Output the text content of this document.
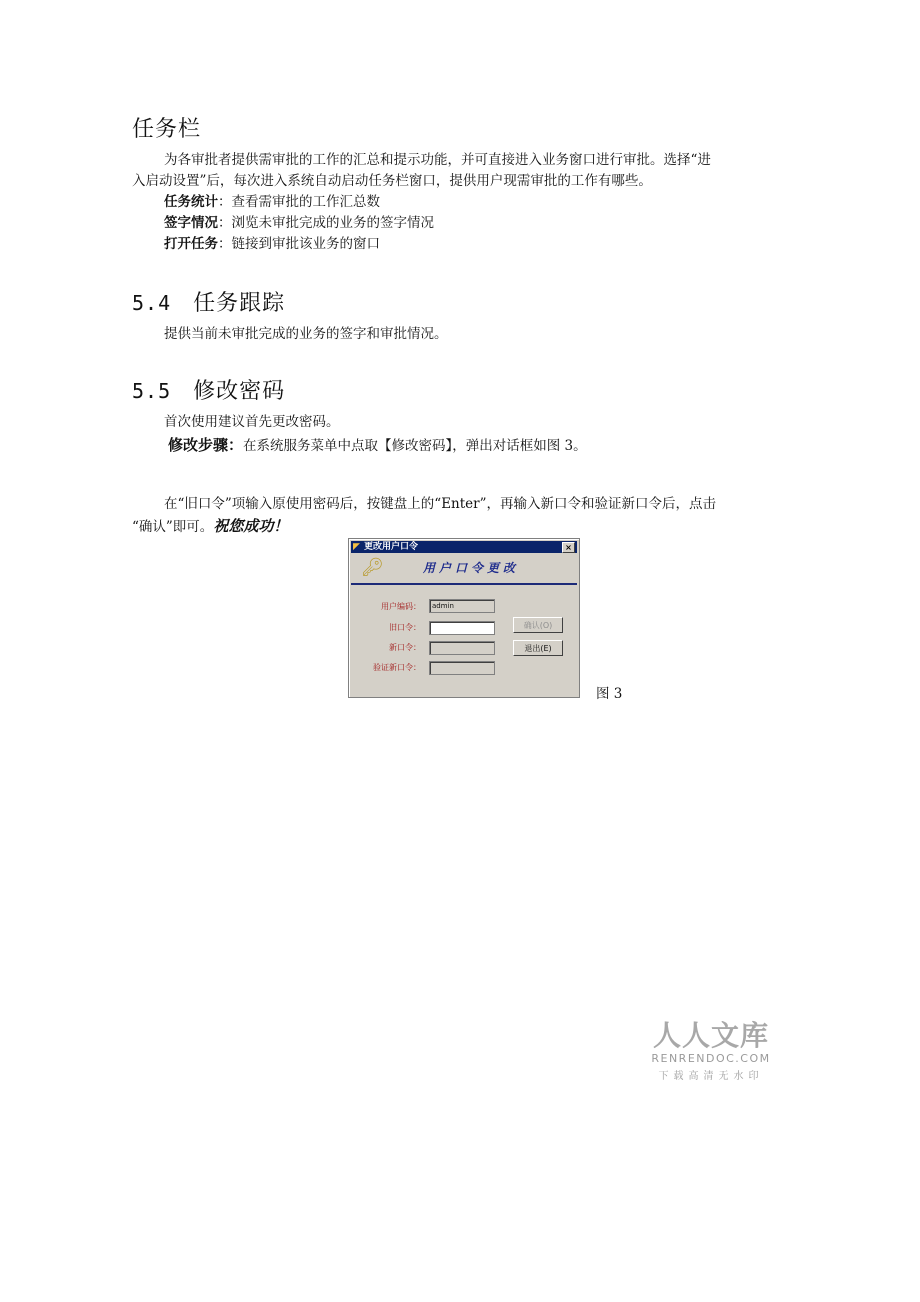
任务栏

为各审批者提供需审批的工作的汇总和提示功能，并可直接进入业务窗口进行审批。选择“进

入启动设置”后，每次进入系统自动启动任务栏窗口，提供用户现需审批的工作有哪些。

任务统计：查看需审批的工作汇总数

签字情况：浏览未审批完成的业务的签字情况

打开任务：链接到审批该业务的窗口

5.4 任务跟踪

提供当前未审批完成的业务的签字和审批情况。

5.5 修改密码

首次使用建议首先更改密码。

修改步骤：在系统服务菜单中点取【修改密码】，弹出对话框如图 3。

在“旧口令”项输入原使用密码后，按键盘上的“Enter”，再输入新口令和验证新口令后，点击

“确认”即可。祝您成功！

◤ 更改用户口令	×
🔑︎	用户口令更改
用户编码：	admin
旧口令：
新口令：
验证新口令：
确认(O)
退出(E)
图 3
人人文库
RENRENDOC.COM
下载高清无水印
